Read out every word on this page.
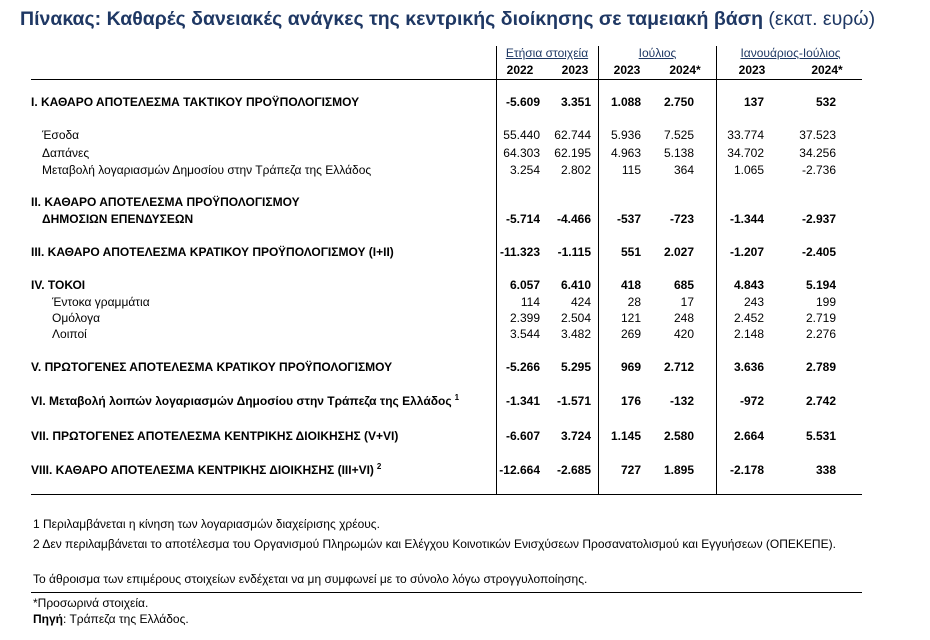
Πίνακας: Καθαρές δανειακές ανάγκες της κεντρικής διοίκησης σε ταμειακή βάση (εκατ. ευρώ)
Ετήσια στοιχεία	Ιούλιος	Ιανουάριος-Ιούλιος
2022	2023	2023	2024*	2023	2024*
I. ΚΑΘΑΡΟ ΑΠΟΤΕΛΕΣΜΑ ΤΑΚΤΙΚΟΥ ΠΡΟΫΠΟΛΟΓΙΣΜΟΥ	-5.609	3.351	1.088	2.750	137	532
Έσοδα	55.440	62.744	5.936	7.525	33.774	37.523
Δαπάνες	64.303	62.195	4.963	5.138	34.702	34.256
Μεταβολή λογαριασμών Δημοσίου στην Τράπεζα της Ελλάδος	3.254	2.802	115	364	1.065	-2.736
II. ΚΑΘΑΡΟ ΑΠΟΤΕΛΕΣΜΑ ΠΡΟΫΠΟΛΟΓΙΣΜΟΥ
ΔΗΜΟΣΙΩΝ ΕΠΕΝΔΥΣΕΩΝ	-5.714	-4.466	-537	-723	-1.344	-2.937
III. ΚΑΘΑΡΟ ΑΠΟΤΕΛΕΣΜΑ ΚΡΑΤΙΚΟΥ ΠΡΟΫΠΟΛΟΓΙΣΜΟΥ (I+II)	-11.323	-1.115	551	2.027	-1.207	-2.405
IV. ΤΟΚΟΙ	6.057	6.410	418	685	4.843	5.194
Έντοκα γραμμάτια	114	424	28	17	243	199
Ομόλογα	2.399	2.504	121	248	2.452	2.719
Λοιποί	3.544	3.482	269	420	2.148	2.276
V. ΠΡΩΤΟΓΕΝΕΣ ΑΠΟΤΕΛΕΣΜΑ ΚΡΑΤΙΚΟΥ ΠΡΟΫΠΟΛΟΓΙΣΜΟΥ	-5.266	5.295	969	2.712	3.636	2.789
VI. Μεταβολή λοιπών λογαριασμών Δημοσίου στην Τράπεζα της Ελλάδος $^1$	-1.341	-1.571	176	-132	-972	2.742
VII. ΠΡΩΤΟΓΕΝΕΣ ΑΠΟΤΕΛΕΣΜΑ ΚΕΝΤΡΙΚΗΣ ΔΙΟΙΚΗΣΗΣ (V+VI)	-6.607	3.724	1.145	2.580	2.664	5.531
VIII. ΚΑΘΑΡΟ ΑΠΟΤΕΛΕΣΜΑ ΚΕΝΤΡΙΚΗΣ ΔΙΟΙΚΗΣΗΣ (III+VI) $^2$	-12.664	-2.685	727	1.895	-2.178	338
1 Περιλαμβάνεται η κίνηση των λογαριασμών διαχείρισης χρέους.
2 Δεν περιλαμβάνεται το αποτέλεσμα του Οργανισμού Πληρωμών και Ελέγχου Κοινοτικών Ενισχύσεων Προσανατολισμού και Εγγυήσεων (ΟΠΕΚΕΠΕ).
Το άθροισμα των επιμέρους στοιχείων ενδέχεται να μη συμφωνεί με το σύνολο λόγω στρογγυλοποίησης.
*Προσωρινά στοιχεία.
Πηγή: Τράπεζα της Ελλάδος.
